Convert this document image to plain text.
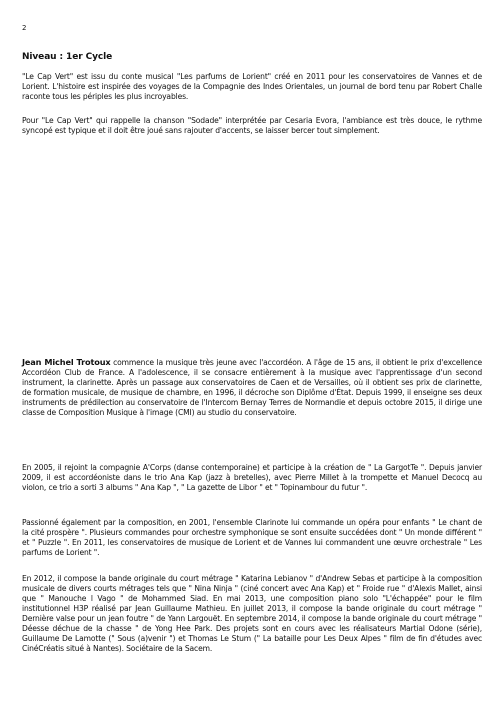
2
Niveau : 1er Cycle

"Le Cap Vert" est issu du conte musical "Les parfums de Lorient" créé en 2011 pour les conservatoires de Vannes et de Lorient. L'histoire est inspirée des voyages de la Compagnie des Indes Orientales, un journal de bord tenu par Robert Challe raconte tous les périples les plus incroyables.

Pour "Le Cap Vert" qui rappelle la chanson "Sodade" interprétée par Cesaria Evora, l'ambiance est très douce, le rythme syncopé est typique et il doit être joué sans rajouter d'accents, se laisser bercer tout simplement.

Jean Michel Trotoux commence la musique très jeune avec l'accordéon. A l'âge de 15 ans, il obtient le prix d'excellence Accordéon Club de France. A l'adolescence, il se consacre entièrement à la musique avec l'apprentissage d'un second instrument, la clarinette. Après un passage aux conservatoires de Caen et de Versailles, où il obtient ses prix de clarinette, de formation musicale, de musique de chambre, en 1996, il décroche son Diplôme d'État. Depuis 1999, il enseigne ses deux instruments de prédilection au conservatoire de l'Intercom Bernay Terres de Normandie et depuis octobre 2015, il dirige une classe de Composition Musique à l'image (CMI) au studio du conservatoire.

En 2005, il rejoint la compagnie A'Corps (danse contemporaine) et participe à la création de " La GargotTe ". Depuis janvier 2009, il est accordéoniste dans le trio Ana Kap (jazz à bretelles), avec Pierre Millet à la trompette et Manuel Decocq au violon, ce trio a sorti 3 albums " Ana Kap ", " La gazette de Libor " et " Topinambour du futur ".

Passionné également par la composition, en 2001, l'ensemble Clarinote lui commande un opéra pour enfants " Le chant de la cité prospère ". Plusieurs commandes pour orchestre symphonique se sont ensuite succédées dont " Un monde différent " et " Puzzle ". En 2011, les conservatoires de musique de Lorient et de Vannes lui commandent une œuvre orchestrale " Les parfums de Lorient ".

En 2012, il compose la bande originale du court métrage " Katarina Lebianov " d'Andrew Sebas et participe à la composition musicale de divers courts métrages tels que " Nina Ninja " (ciné concert avec Ana Kap) et " Froide rue " d'Alexis Mallet, ainsi que " Manouche l Vago " de Mohammed Siad. En mai 2013, une composition piano solo "L'échappée" pour le film institutionnel H3P réalisé par Jean Guillaume Mathieu. En juillet 2013, il compose la bande originale du court métrage " Dernière valse pour un jean foutre " de Yann Largouët. En septembre 2014, il compose la bande originale du court métrage " Déesse déchue de la chasse " de Yong Hee Park. Des projets sont en cours avec les réalisateurs Martial Odone (série), Guillaume De Lamotte (" Sous (a)venir ") et Thomas Le Stum (" La bataille pour Les Deux Alpes " film de fin d'études avec CinéCréatis situé à Nantes). Sociétaire de la Sacem.
